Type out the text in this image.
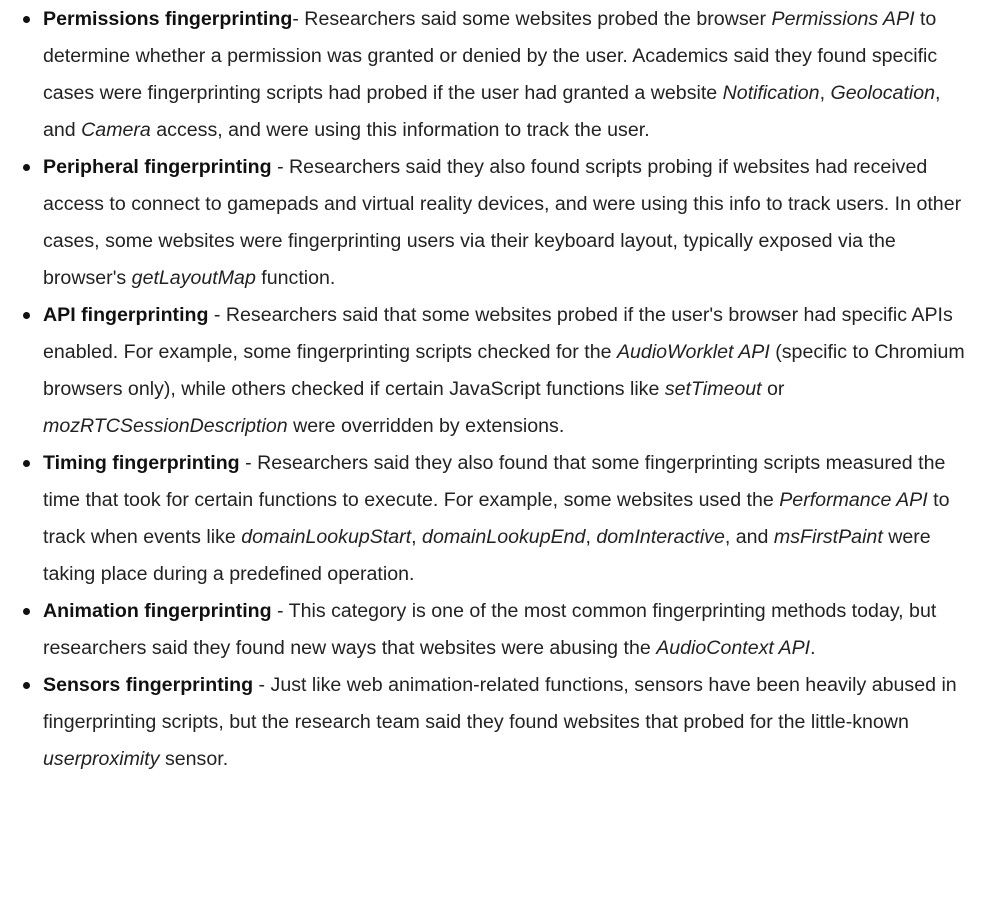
Permissions fingerprinting- Researchers said some websites probed the browser Permissions API to determine whether a permission was granted or denied by the user. Academics said they found specific cases were fingerprinting scripts had probed if the user had granted a website Notification, Geolocation, and Camera access, and were using this information to track the user.
Peripheral fingerprinting - Researchers said they also found scripts probing if websites had received access to connect to gamepads and virtual reality devices, and were using this info to track users. In other cases, some websites were fingerprinting users via their keyboard layout, typically exposed via the browser's getLayoutMap function.
API fingerprinting - Researchers said that some websites probed if the user's browser had specific APIs enabled. For example, some fingerprinting scripts checked for the AudioWorklet API (specific to Chromium browsers only), while others checked if certain JavaScript functions like setTimeout or mozRTCSessionDescription were overridden by extensions.
Timing fingerprinting - Researchers said they also found that some fingerprinting scripts measured the time that took for certain functions to execute. For example, some websites used the Performance API to track when events like domainLookupStart, domainLookupEnd, domInteractive, and msFirstPaint were taking place during a predefined operation.
Animation fingerprinting - This category is one of the most common fingerprinting methods today, but researchers said they found new ways that websites were abusing the AudioContext API.
Sensors fingerprinting - Just like web animation-related functions, sensors have been heavily abused in fingerprinting scripts, but the research team said they found websites that probed for the little-known userproximity sensor.
